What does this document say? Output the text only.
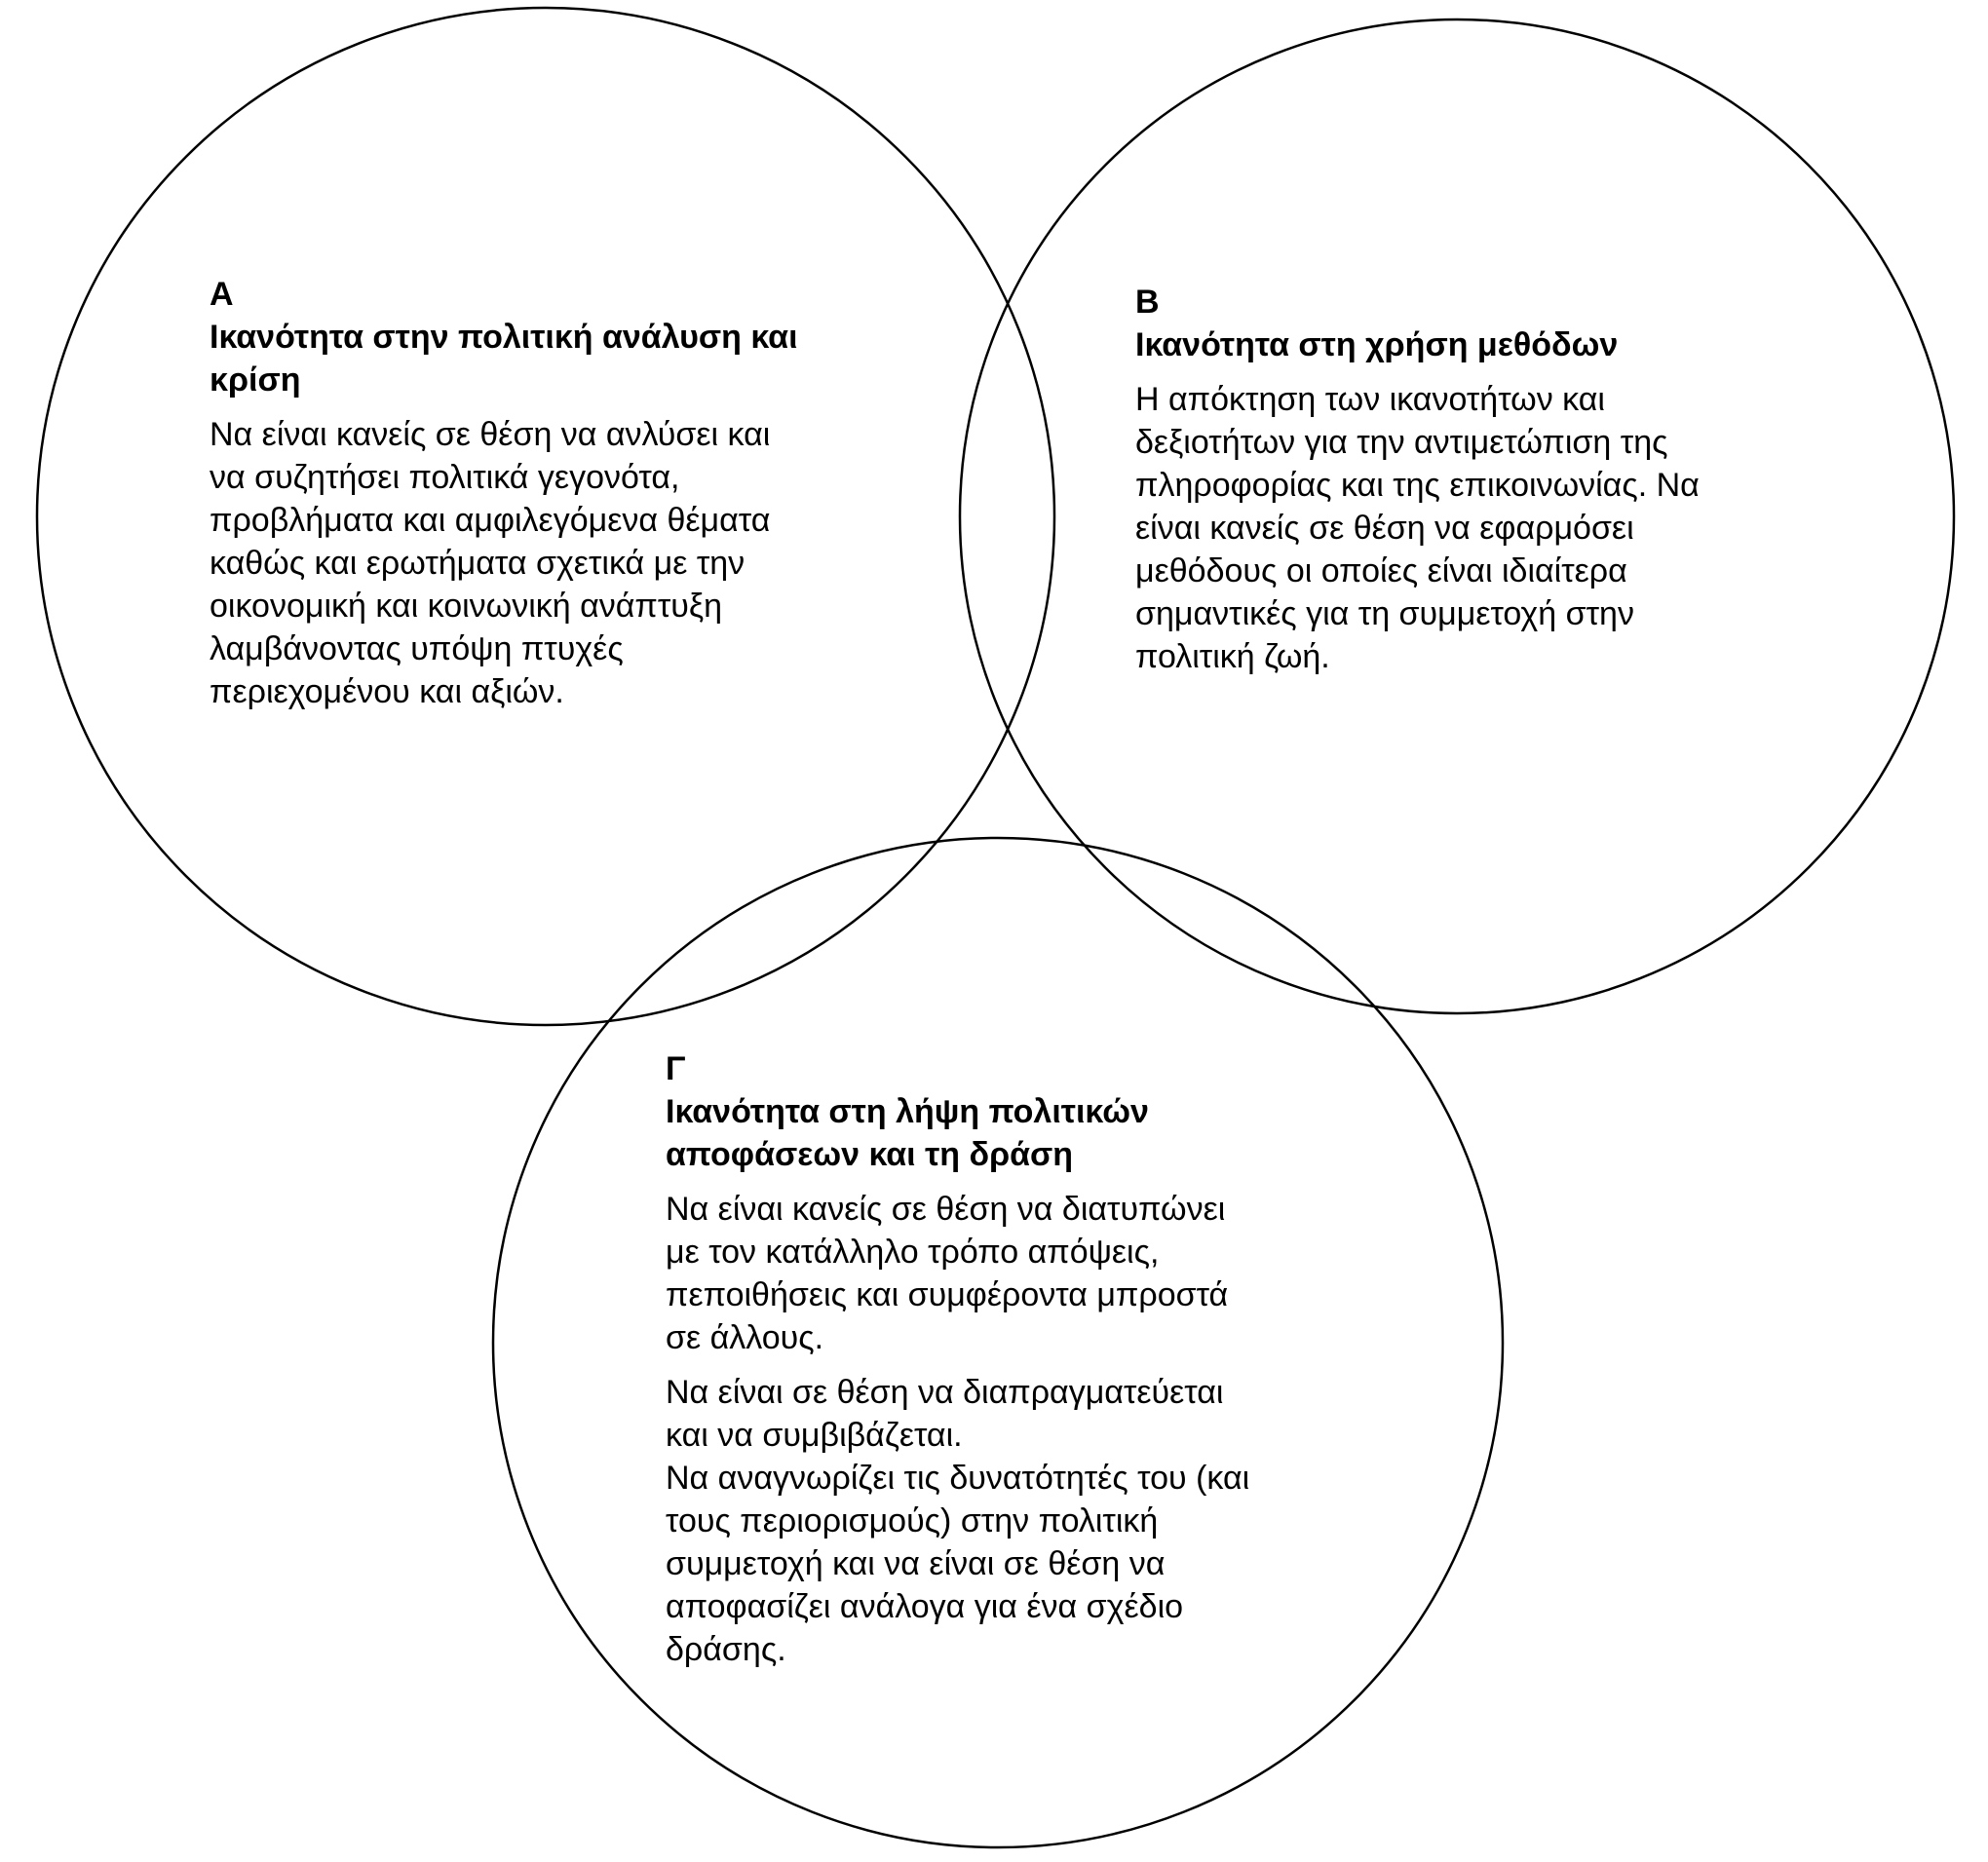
Α
Ικανότητα στην πολιτική ανάλυση και
κρίση
Να είναι κανείς σε θέση να ανλύσει και
να συζητήσει πολιτικά γεγονότα,
προβλήματα και αμφιλεγόμενα θέματα
καθώς και ερωτήματα σχετικά με την
οικονομική και κοινωνική ανάπτυξη
λαμβάνοντας υπόψη πτυχές
περιεχομένου και αξιών.
Β
Ικανότητα στη χρήση μεθόδων
Η απόκτηση των ικανοτήτων και
δεξιοτήτων για την αντιμετώπιση της
πληροφορίας και της επικοινωνίας. Να
είναι κανείς σε θέση να εφαρμόσει
μεθόδους οι οποίες είναι ιδιαίτερα
σημαντικές για τη συμμετοχή στην
πολιτική ζωή.
Γ
Ικανότητα στη λήψη πολιτικών
αποφάσεων και τη δράση
Να είναι κανείς σε θέση να διατυπώνει
με τον κατάλληλο τρόπο απόψεις,
πεποιθήσεις και συμφέροντα μπροστά
σε άλλους.
Να είναι σε θέση να διαπραγματεύεται
και να συμβιβάζεται.
Να αναγνωρίζει τις δυνατότητές του (και
τους περιορισμούς) στην πολιτική
συμμετοχή και να είναι σε θέση να
αποφασίζει ανάλογα για ένα σχέδιο
δράσης.
